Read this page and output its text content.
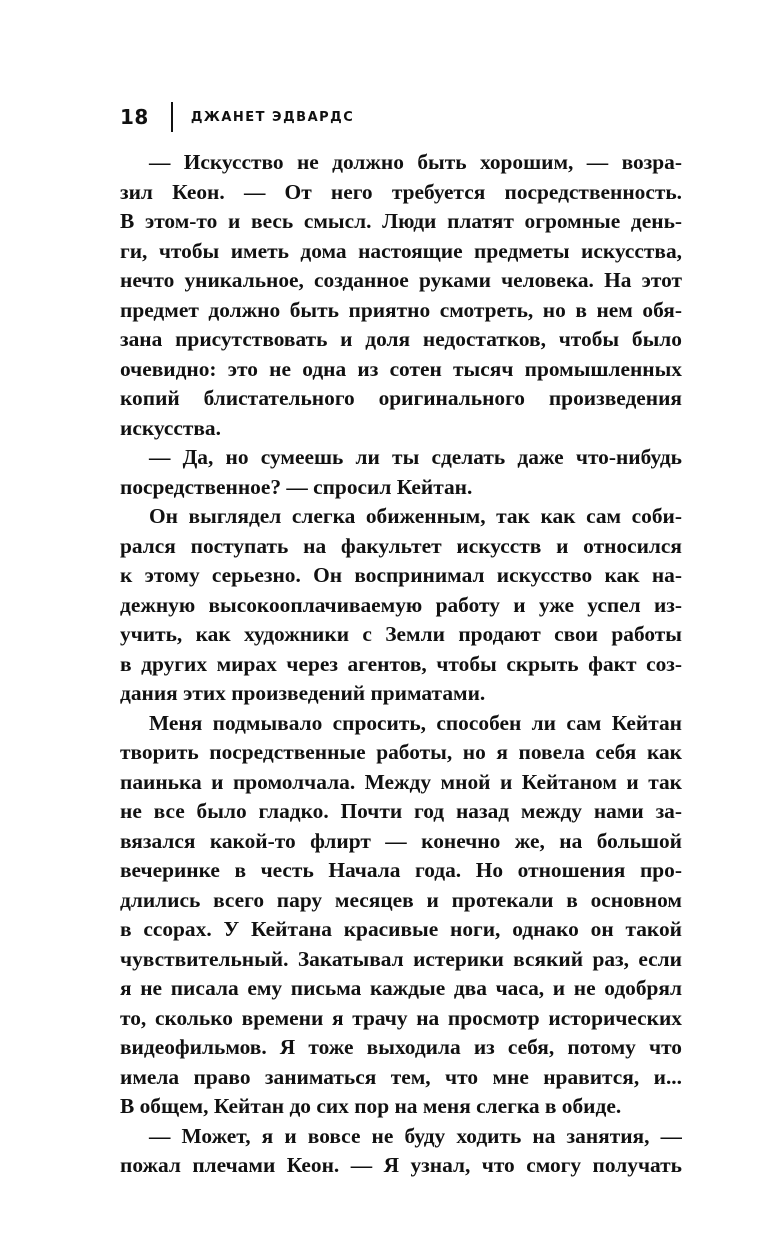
18	ДЖАНЕТ ЭДВАРДС
— Искусство не должно быть хорошим, — возра-
зил Кеон. — От него требуется посредственность.
В этом-то и весь смысл. Люди платят огромные день-
ги, чтобы иметь дома настоящие предметы искусства,
нечто уникальное, созданное руками человека. На этот
предмет должно быть приятно смотреть, но в нем обя-
зана присутствовать и доля недостатков, чтобы было
очевидно: это не одна из сотен тысяч промышленных
копий блистательного оригинального произведения
искусства.
— Да, но сумеешь ли ты сделать даже что-нибудь
посредственное? — спросил Кейтан.
Он выглядел слегка обиженным, так как сам соби-
рался поступать на факультет искусств и относился
к этому серьезно. Он воспринимал искусство как на-
дежную высокооплачиваемую работу и уже успел из-
учить, как художники с Земли продают свои работы
в других мирах через агентов, чтобы скрыть факт соз-
дания этих произведений приматами.
Меня подмывало спросить, способен ли сам Кейтан
творить посредственные работы, но я повела себя как
паинька и промолчала. Между мной и Кейтаном и так
не все было гладко. Почти год назад между нами за-
вязался какой-то флирт — конечно же, на большой
вечеринке в честь Начала года. Но отношения про-
длились всего пару месяцев и протекали в основном
в ссорах. У Кейтана красивые ноги, однако он такой
чувствительный. Закатывал истерики всякий раз, если
я не писала ему письма каждые два часа, и не одобрял
то, сколько времени я трачу на просмотр исторических
видеофильмов. Я тоже выходила из себя, потому что
имела право заниматься тем, что мне нравится, и...
В общем, Кейтан до сих пор на меня слегка в обиде.
— Может, я и вовсе не буду ходить на занятия, —
пожал плечами Кеон. — Я узнал, что смогу получать
